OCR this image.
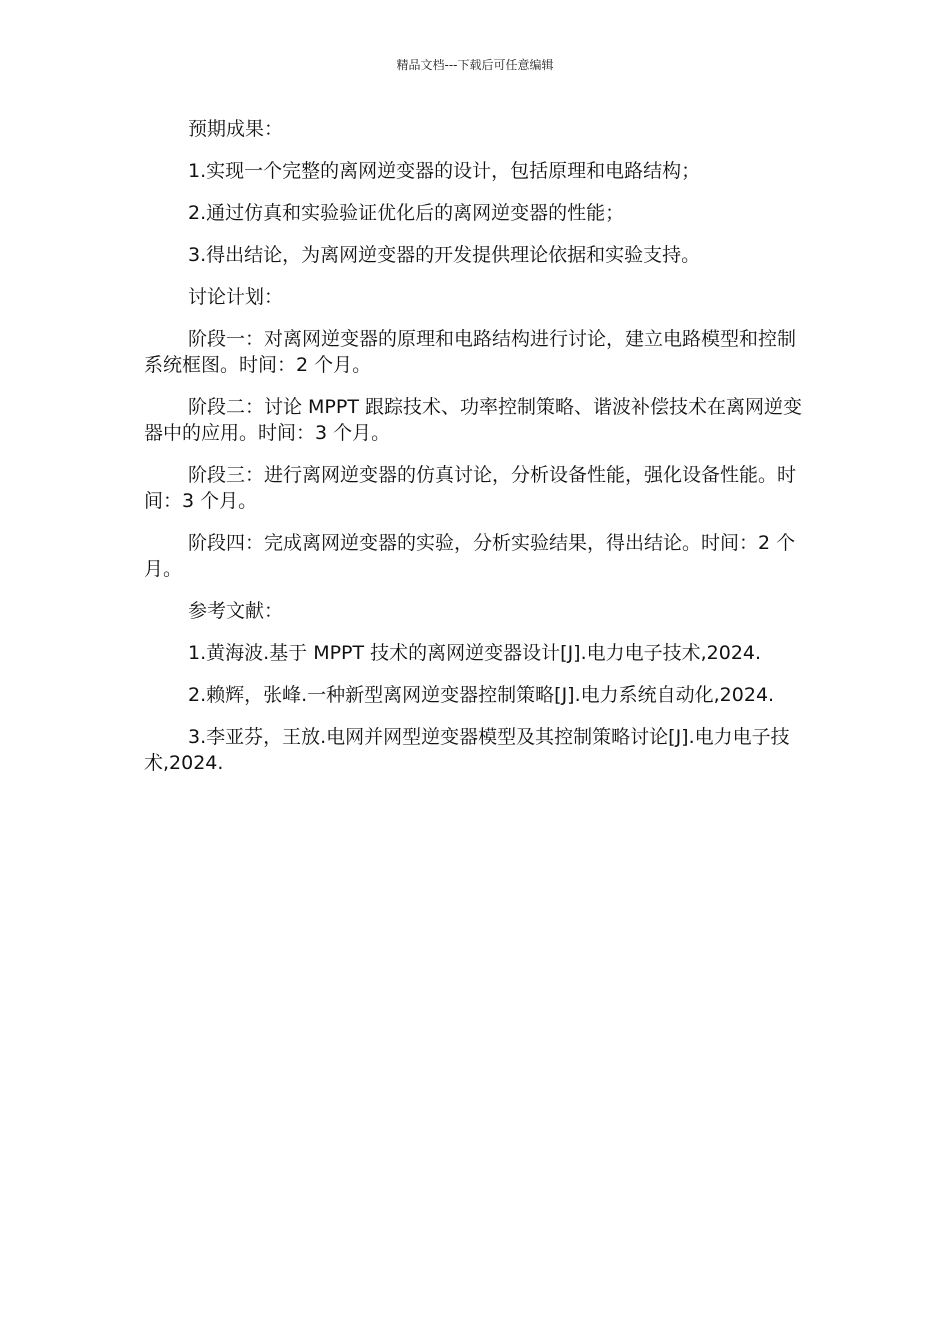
精品文档---下载后可任意编辑

预期成果：

1.实现一个完整的离网逆变器的设计，包括原理和电路结构；

2.通过仿真和实验验证优化后的离网逆变器的性能；

3.得出结论，为离网逆变器的开发提供理论依据和实验支持。

讨论计划：

阶段一：对离网逆变器的原理和电路结构进行讨论，建立电路模型和控制系统框图。时间：2 个月。

阶段二：讨论 MPPT 跟踪技术、功率控制策略、谐波补偿技术在离网逆变器中的应用。时间：3 个月。

阶段三：进行离网逆变器的仿真讨论，分析设备性能，强化设备性能。时间：3 个月。

阶段四：完成离网逆变器的实验，分析实验结果，得出结论。时间：2 个月。

参考文献：

1.黄海波.基于 MPPT 技术的离网逆变器设计[J].电力电子技术,2024.

2.赖辉，张峰.一种新型离网逆变器控制策略[J].电力系统自动化,2024.

3.李亚芬，王放.电网并网型逆变器模型及其控制策略讨论[J].电力电子技术,2024.
